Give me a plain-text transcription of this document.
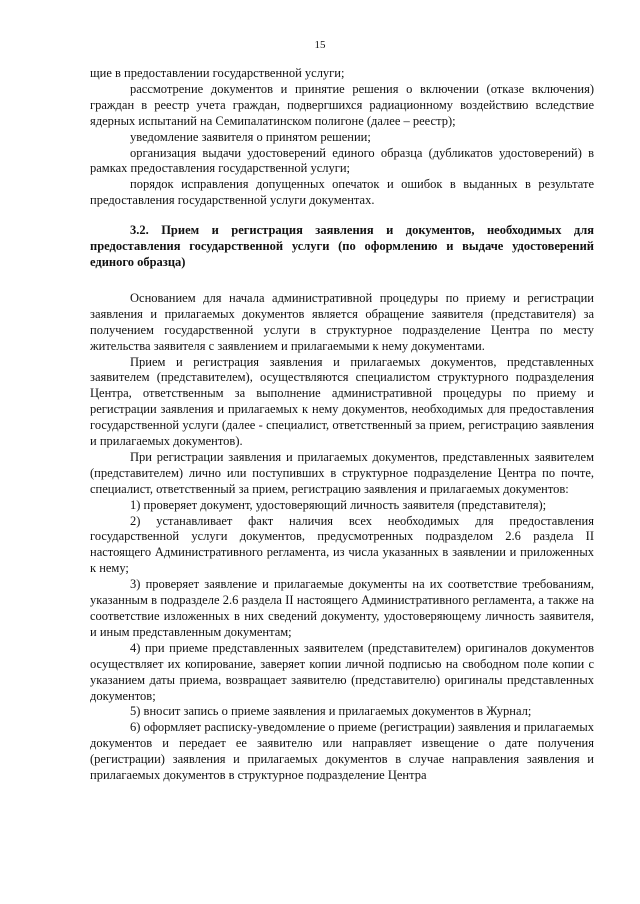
15

щие в предоставлении государственной услуги;

рассмотрение документов и принятие решения о включении (отказе включения) граждан в реестр учета граждан, подвергшихся радиационному воздействию вследствие ядерных испытаний на Семипалатинском полигоне (далее – реестр);

уведомление заявителя о принятом решении;

организация выдачи удостоверений единого образца (дубликатов удостоверений) в рамках предоставления государственной услуги;

порядок исправления допущенных опечаток и ошибок в выданных в результате предоставления государственной услуги документах.

3.2. Прием и регистрация заявления и документов, необходимых для предоставления государственной услуги (по оформлению и выдаче удостоверений единого образца)

Основанием для начала административной процедуры по приему и регистрации заявления и прилагаемых документов является обращение заявителя (представителя) за получением государственной услуги в структурное подразделение Центра по месту жительства заявителя с заявлением и прилагаемыми к нему документами.

Прием и регистрация заявления и прилагаемых документов, представленных заявителем (представителем), осуществляются специалистом структурного подразделения Центра, ответственным за выполнение административной процедуры по приему и регистрации заявления и прилагаемых к нему документов, необходимых для предоставления государственной услуги (далее - специалист, ответственный за прием, регистрацию заявления и прилагаемых документов).

При регистрации заявления и прилагаемых документов, представленных заявителем (представителем) лично или поступивших в структурное подразделение Центра по почте, специалист, ответственный за прием, регистрацию заявления и прилагаемых документов:

1) проверяет документ, удостоверяющий личность заявителя (представителя);

2) устанавливает факт наличия всех необходимых для предоставления государственной услуги документов, предусмотренных подразделом 2.6 раздела II настоящего Административного регламента, из числа указанных в заявлении и приложенных к нему;

3) проверяет заявление и прилагаемые документы на их соответствие требованиям, указанным в подразделе 2.6 раздела II настоящего Административного регламента, а также на соответствие изложенных в них сведений документу, удостоверяющему личность заявителя, и иным представленным документам;

4) при приеме представленных заявителем (представителем) оригиналов документов осуществляет их копирование, заверяет копии личной подписью на свободном поле копии с указанием даты приема, возвращает заявителю (представителю) оригиналы представленных документов;

5) вносит запись о приеме заявления и прилагаемых документов в Журнал;

6) оформляет расписку-уведомление о приеме (регистрации) заявления и прилагаемых документов и передает ее заявителю или направляет извещение о дате получения (регистрации) заявления и прилагаемых документов в случае направления заявления и прилагаемых документов в структурное подразделение Центра
